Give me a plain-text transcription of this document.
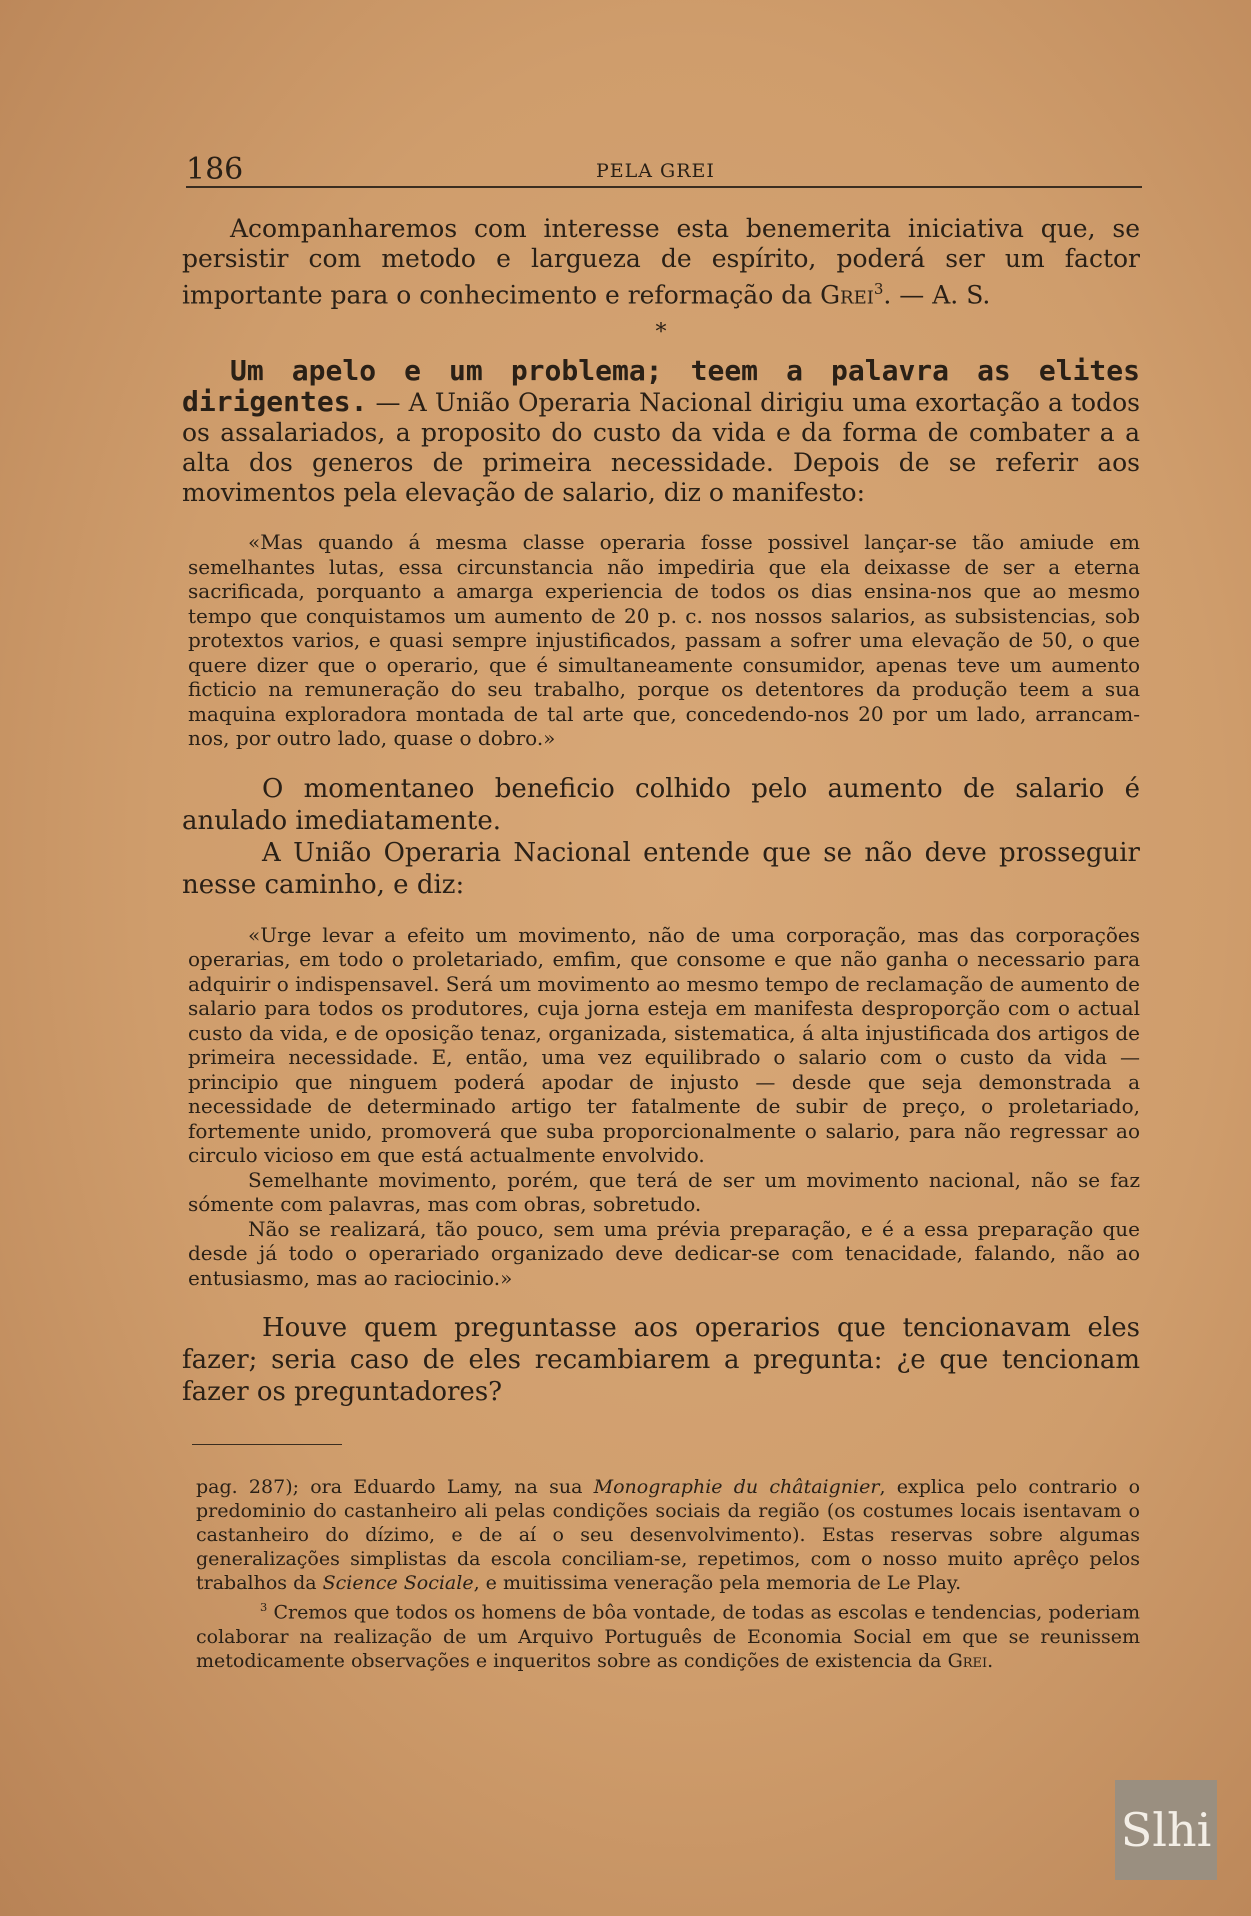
186	PELA GREI

Acompanharemos com interesse esta benemerita iniciativa que, se persistir com metodo e largueza de espírito, poderá ser um factor importante para o conhecimento e reformação da Grei$^3$. — A. S.

*

Um apelo e um problema; teem a palavra as elites dirigentes. — A União Operaria Nacional dirigiu uma exortação a todos os assalariados, a proposito do custo da vida e da forma de combater a a alta dos generos de primeira necessidade. Depois de se referir aos movimentos pela elevação de salario, diz o manifesto:

«Mas quando á mesma classe operaria fosse possivel lançar-se tão amiude em semelhantes lutas, essa circunstancia não impediria que ela deixasse de ser a eterna sacrificada, porquanto a amarga experiencia de todos os dias ensina-nos que ao mesmo tempo que conquistamos um aumento de 20 p. c. nos nossos salarios, as subsistencias, sob protextos varios, e quasi sempre injustificados, passam a sofrer uma elevação de 50, o que quere dizer que o operario, que é simultaneamente consumidor, apenas teve um aumento ficticio na remuneração do seu trabalho, porque os detentores da produção teem a sua maquina exploradora montada de tal arte que, concedendo-nos 20 por um lado, arrancam-nos, por outro lado, quase o dobro.»

O momentaneo beneficio colhido pelo aumento de salario é anulado imediatamente.

A União Operaria Nacional entende que se não deve prosseguir nesse caminho, e diz:

«Urge levar a efeito um movimento, não de uma corporação, mas das corporações operarias, em todo o proletariado, emfim, que consome e que não ganha o necessario para adquirir o indispensavel. Será um movimento ao mesmo tempo de reclamação de aumento de salario para todos os produtores, cuja jorna esteja em manifesta desproporção com o actual custo da vida, e de oposição tenaz, organizada, sistematica, á alta injustificada dos artigos de primeira necessidade. E, então, uma vez equilibrado o salario com o custo da vida — principio que ninguem poderá apodar de injusto — desde que seja demonstrada a necessidade de determinado artigo ter fatalmente de subir de preço, o proletariado, fortemente unido, promoverá que suba proporcionalmente o salario, para não regressar ao circulo vicioso em que está actualmente envolvido.

Semelhante movimento, porém, que terá de ser um movimento nacional, não se faz sómente com palavras, mas com obras, sobretudo.

Não se realizará, tão pouco, sem uma prévia preparação, e é a essa preparação que desde já todo o operariado organizado deve dedicar-se com tenacidade, falando, não ao entusiasmo, mas ao raciocinio.»

Houve quem preguntasse aos operarios que tencionavam eles fazer; seria caso de eles recambiarem a pregunta: ¿e que tencionam fazer os preguntadores?

pag. 287); ora Eduardo Lamy, na sua Monographie du châtaignier, explica pelo contrario o predominio do castanheiro ali pelas condições sociais da região (os costumes locais isentavam o castanheiro do dízimo, e de aí o seu desenvolvimento). Estas reservas sobre algumas generalizações simplistas da escola conciliam-se, repetimos, com o nosso muito aprêço pelos trabalhos da Science Sociale, e muitissima veneração pela memoria de Le Play.

$^3$ Cremos que todos os homens de bôa vontade, de todas as escolas e tendencias, poderiam colaborar na realização de um Arquivo Português de Economia Social em que se reunissem metodicamente observações e inqueritos sobre as condições de existencia da Grei.

Slhi
